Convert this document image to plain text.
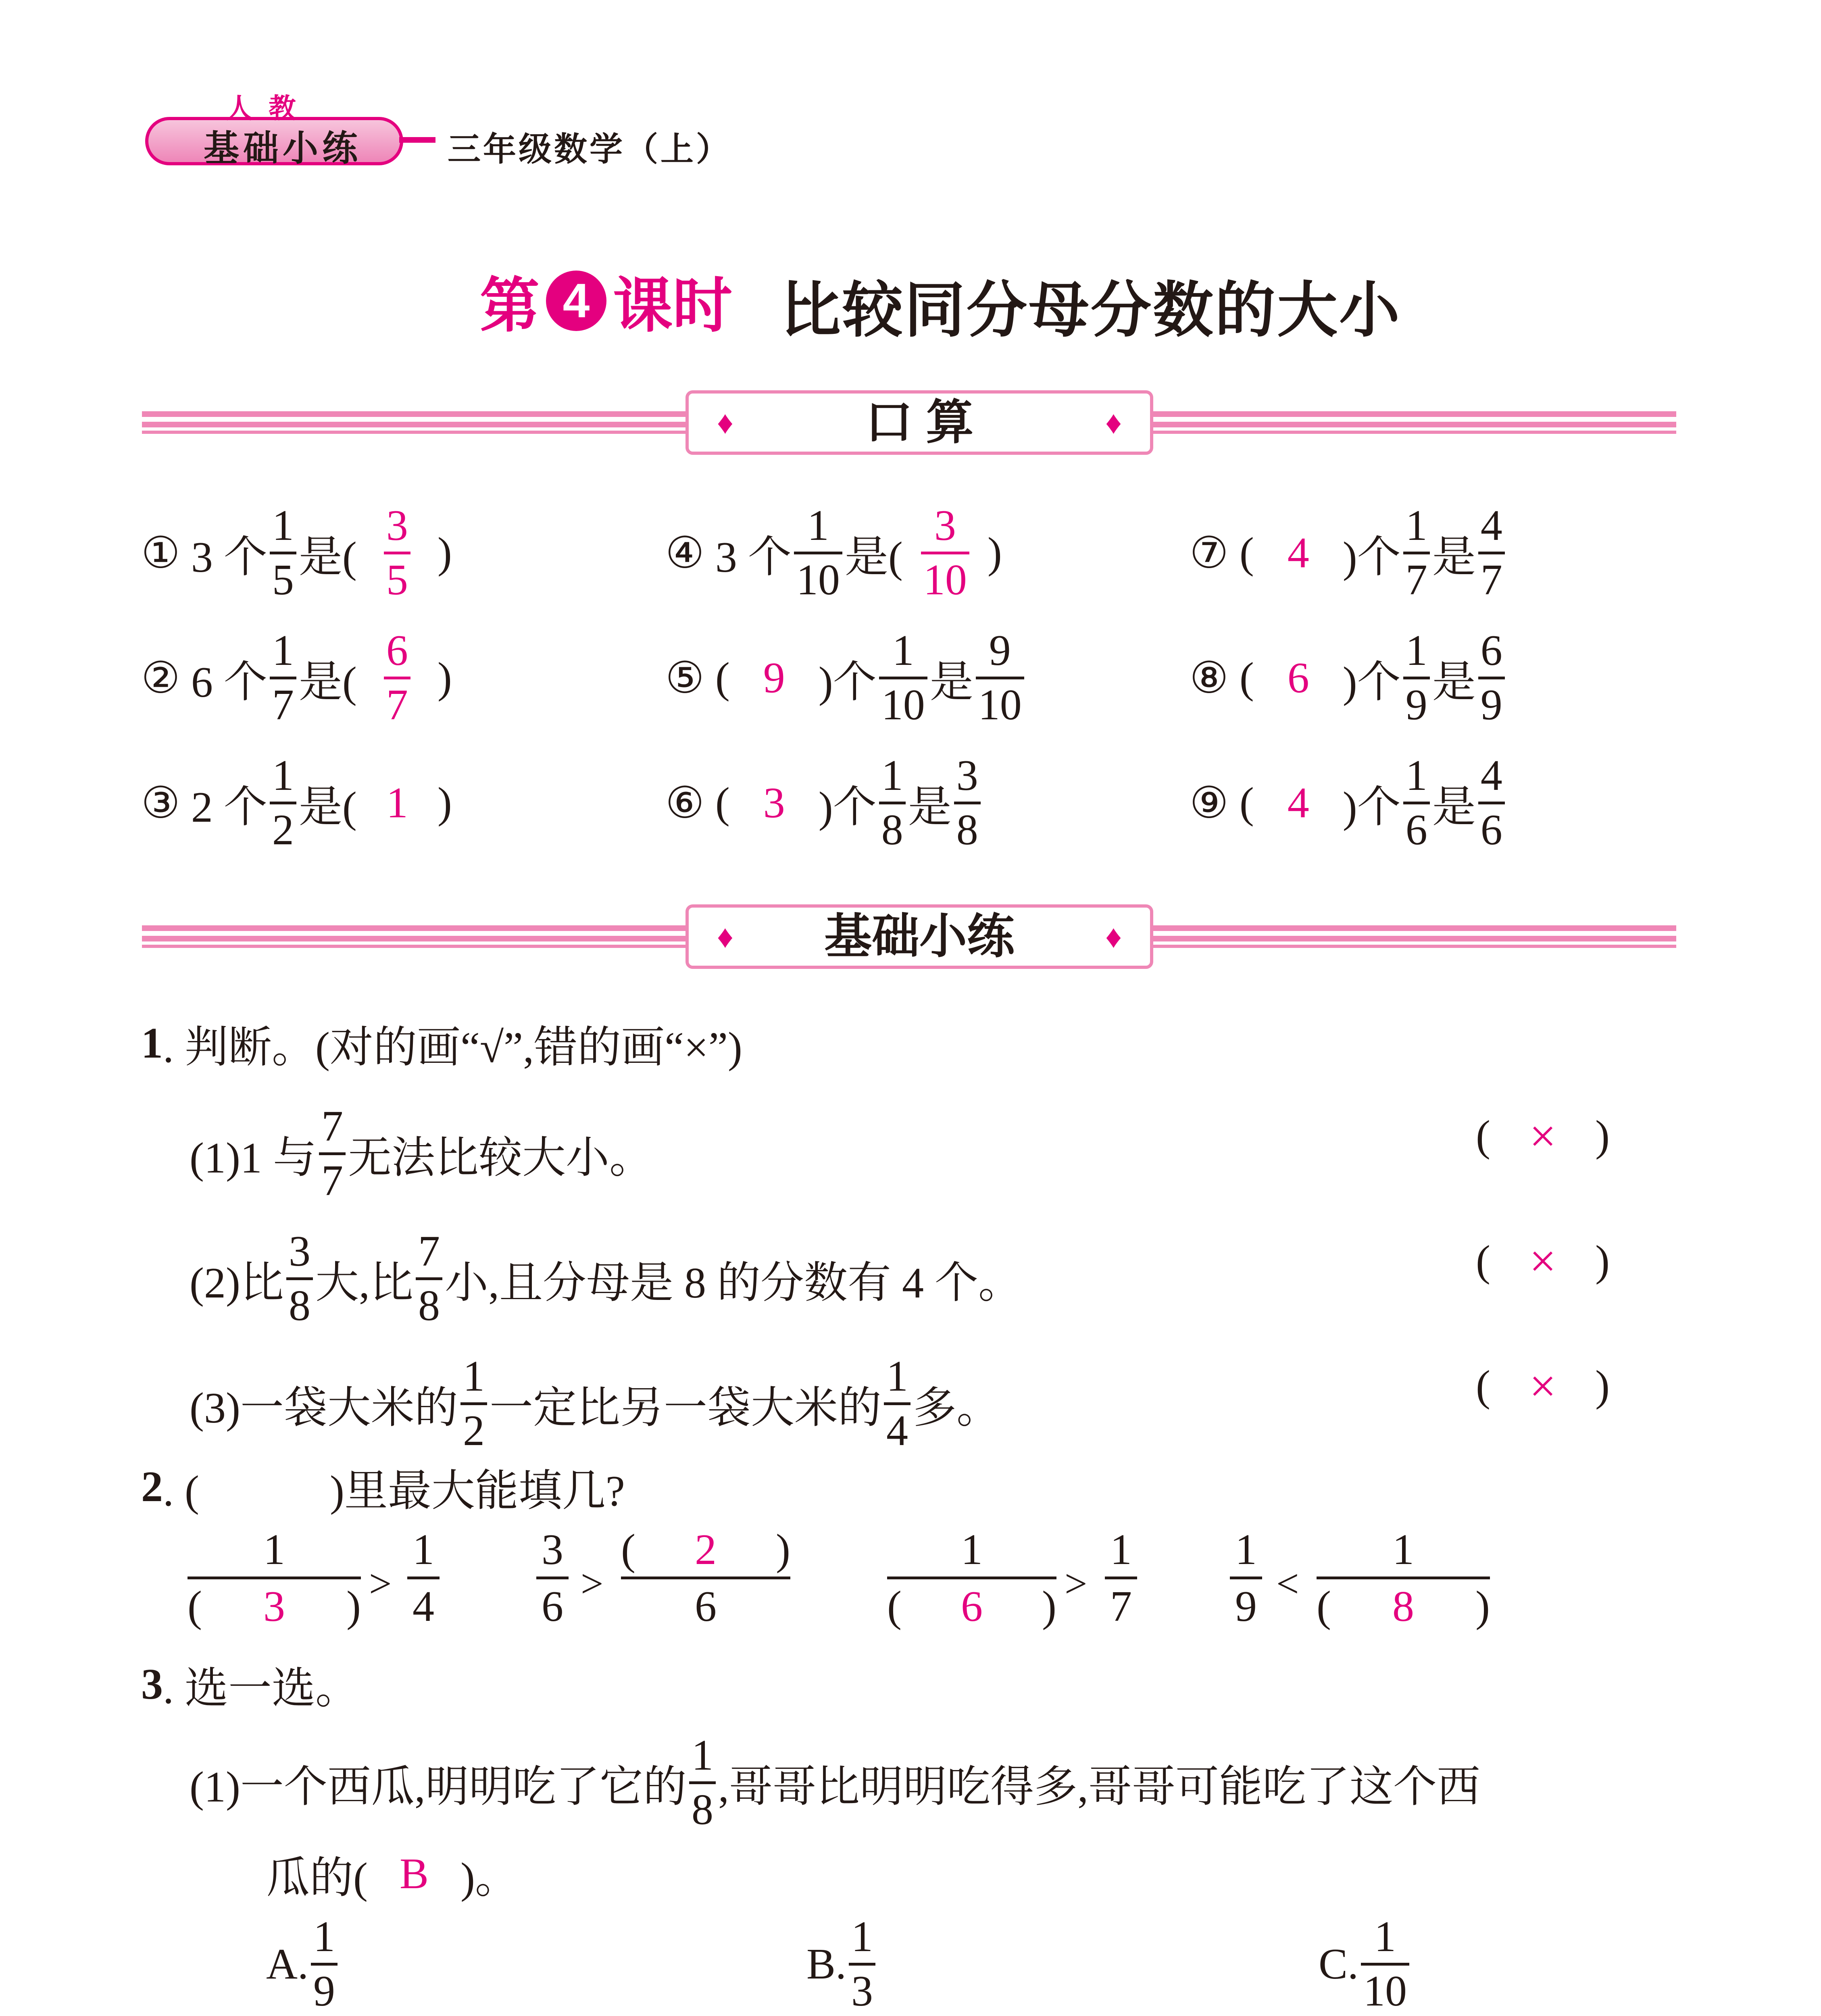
人教
基础小练	三年级数学（上）
第 4 课时 比较同分母分数的大小
♦	口 算	♦
①
3 个 $\frac{1}{5}$ 是( $\frac{3}{5}$ )
②
6 个 $\frac{1}{7}$ 是( $\frac{6}{7}$ )
③
2 个 $\frac{1}{2}$ 是( 1 )
④
3 个 $\frac{1}{10}$ 是( $\frac{3}{10}$ )
⑤
( 9 )个 $\frac{1}{10}$ 是 $\frac{9}{10}$
⑥
( 3 )个 $\frac{1}{8}$ 是 $\frac{3}{8}$
⑦
( 4 )个 $\frac{1}{7}$ 是 $\frac{4}{7}$
⑧
( 6 )个 $\frac{1}{9}$ 是 $\frac{6}{9}$
⑨
( 4 )个 $\frac{1}{6}$ 是 $\frac{4}{6}$
♦ 基础小练	♦
1 . 判断。(对的画“√”,错的画“×”)
(1)1 与 $\frac{7}{7}$ 无法比较大小。	( × )
(2)比 $\frac{3}{8}$ 大,比 $\frac{7}{8}$ 小,且分母是 8 的分数有 4 个。	( × )
(3)一袋大米的 $\frac{1}{2}$ 一定比另一袋大米的 $\frac{1}{4}$ 多。	( × )
2 . (　　　)里最大能填几?
1
( 3 ) >
1
4
3
6 >
( 2 )
6
1
( 6 ) >
1
7
1
9 <
1
( 8 )
3 . 选一选。
(1)一个西瓜,明明吃了它的 $\frac{1}{8}$ ,哥哥比明明吃得多,哥哥可能吃了这个西
瓜的( B )。
A. $\frac{1}{9}$	B. $\frac{1}{3}$	C. $\frac{1}{10}$
